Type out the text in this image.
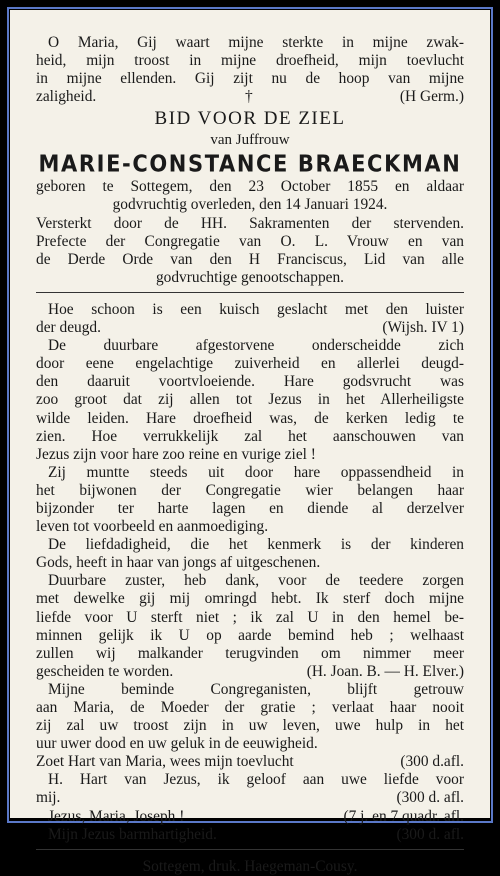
O Maria, Gij waart mijne sterkte in mijne zwak-
heid, mijn troost in mijne droefheid, mijn toevlucht
in mijne ellenden. Gij zijt nu de hoop van mijne
zaligheid.	†	(H Germ.)
BID VOOR DE ZIEL
van Juffrouw
MARIE-CONSTANCE BRAECKMAN
geboren te Sottegem, den 23 October 1855 en aldaar
godvruchtig overleden, den 14 Januari 1924.
Versterkt door de HH. Sakramenten der stervenden.
Prefecte der Congregatie van O. L. Vrouw en van
de Derde Orde van den H Franciscus, Lid van alle
godvruchtige genootschappen.
Hoe schoon is een kuisch geslacht met den luister
der deugd.	(Wijsh. IV 1)
De duurbare afgestorvene onderscheidde zich
door eene engelachtige zuiverheid en allerlei deugd-
den daaruit voortvloeiende. Hare godsvrucht was
zoo groot dat zij allen tot Jezus in het Allerheiligste
wilde leiden. Hare droefheid was, de kerken ledig te
zien. Hoe verrukkelijk zal het aanschouwen van
Jezus zijn voor hare zoo reine en vurige ziel !
Zij muntte steeds uit door hare oppassendheid in
het bijwonen der Congregatie wier belangen haar
bijzonder ter harte lagen en diende al derzelver
leven tot voorbeeld en aanmoediging.
De liefdadigheid, die het kenmerk is der kinderen
Gods, heeft in haar van jongs af uitgeschenen.
Duurbare zuster, heb dank, voor de teedere zorgen
met dewelke gij mij omringd hebt. Ik sterf doch mijne
liefde voor U sterft niet ; ik zal U in den hemel be-
minnen gelijk ik U op aarde bemind heb ; welhaast
zullen wij malkander terugvinden om nimmer meer
gescheiden te worden.	(H. Joan. B. — H. Elver.)
Mijne beminde Congreganisten, blijft getrouw
aan Maria, de Moeder der gratie ; verlaat haar nooit
zij zal uw troost zijn in uw leven, uwe hulp in het
uur uwer dood en uw geluk in de eeuwigheid.
Zoet Hart van Maria, wees mijn toevlucht	(300 d.afl.
H. Hart van Jezus, ik geloof aan uwe liefde voor
mij.	(300 d. afl.
Jezus, Maria, Joseph !	(7 j. en 7 quadr. afl.
Mijn Jezus barmhartigheid.	(300 d. afl.
Sottegem, druk. Haegeman-Cousy.
